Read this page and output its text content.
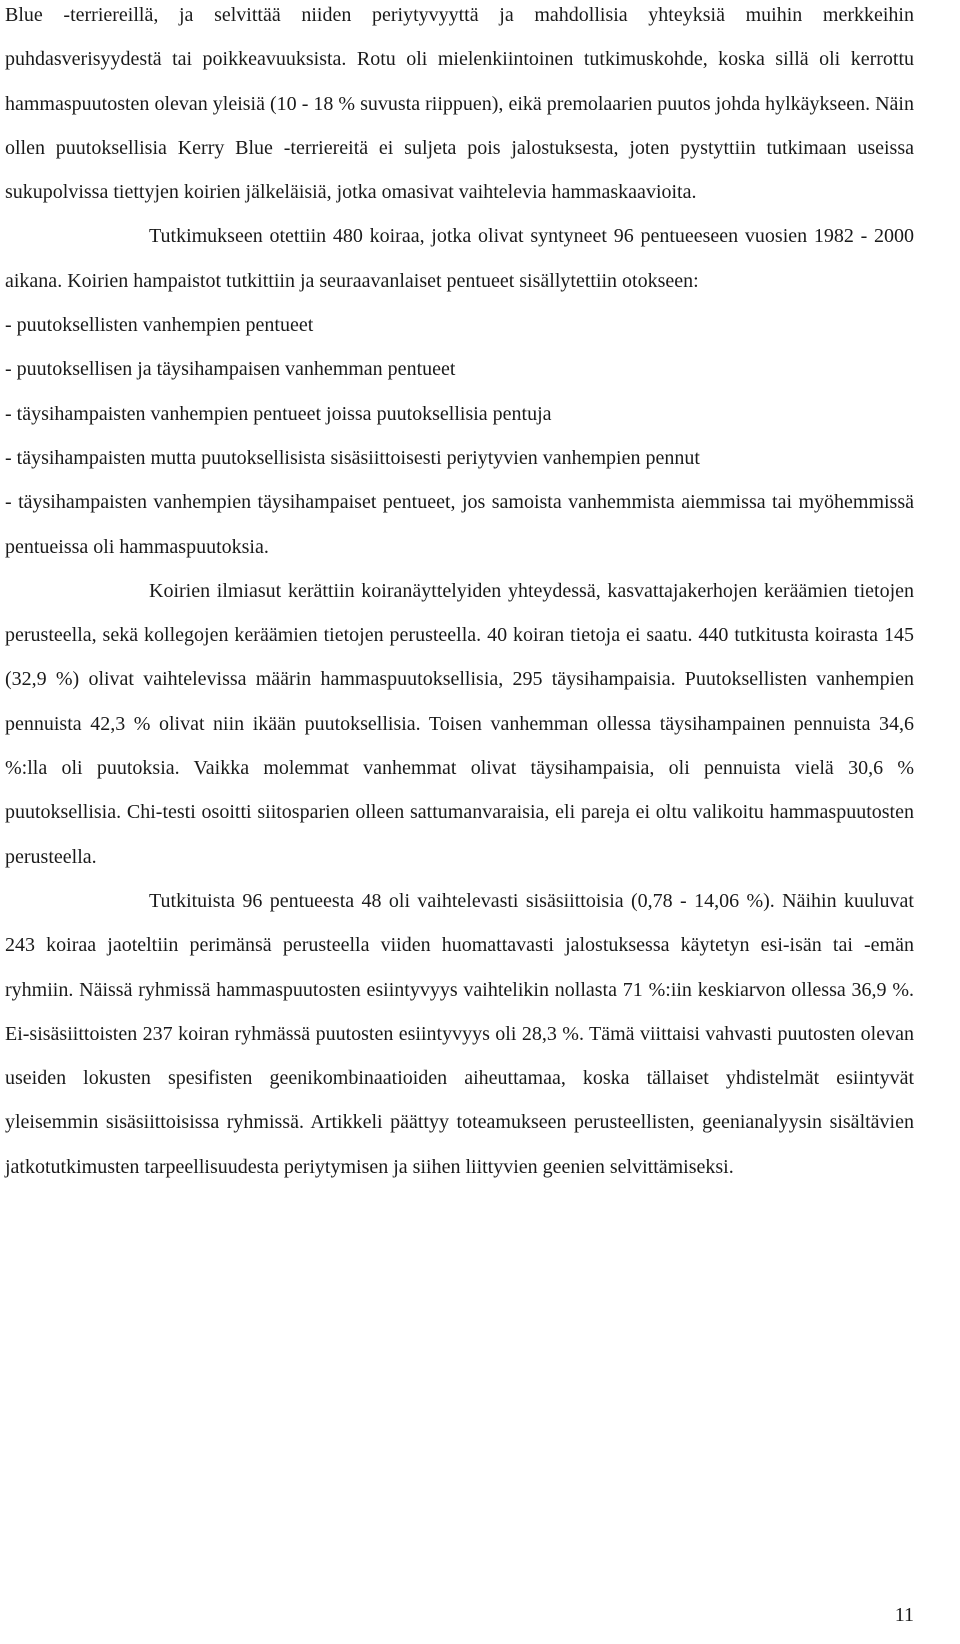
Blue -terriereillä, ja selvittää niiden periytyvyyttä ja mahdollisia yhteyksiä muihin merkkeihin puhdasverisyydestä tai poikkeavuuksista. Rotu oli mielenkiintoinen tutkimuskohde, koska sillä oli kerrottu hammaspuutosten olevan yleisiä (10 - 18 % suvusta riippuen), eikä premolaarien puutos johda hylkäykseen. Näin ollen puutoksellisia Kerry Blue -terriereitä ei suljeta pois jalostuksesta, joten pystyttiin tutkimaan useissa sukupolvissa tiettyjen koirien jälkeläisiä, jotka omasivat vaihtelevia hammaskaavioita.

Tutkimukseen otettiin 480 koiraa, jotka olivat syntyneet 96 pentueeseen vuosien 1982 - 2000 aikana. Koirien hampaistot tutkittiin ja seuraavanlaiset pentueet sisällytettiin otokseen:

- puutoksellisten vanhempien pentueet

- puutoksellisen ja täysihampaisen vanhemman pentueet

- täysihampaisten vanhempien pentueet joissa puutoksellisia pentuja

- täysihampaisten mutta puutoksellisista sisäsiittoisesti periytyvien vanhempien pennut

- täysihampaisten vanhempien täysihampaiset pentueet, jos samoista vanhemmista aiemmissa tai myöhemmissä pentueissa oli hammaspuutoksia.

Koirien ilmiasut kerättiin koiranäyttelyiden yhteydessä, kasvattajakerhojen keräämien tietojen perusteella, sekä kollegojen keräämien tietojen perusteella. 40 koiran tietoja ei saatu. 440 tutkitusta koirasta 145 (32,9 %) olivat vaihtelevissa määrin hammaspuutoksellisia, 295 täysihampaisia. Puutoksellisten vanhempien pennuista 42,3 % olivat niin ikään puutoksellisia. Toisen vanhemman ollessa täysihampainen pennuista 34,6 %:lla oli puutoksia. Vaikka molemmat vanhemmat olivat täysihampaisia, oli pennuista vielä 30,6 % puutoksellisia. Chi-testi osoitti siitosparien olleen sattumanvaraisia, eli pareja ei oltu valikoitu hammaspuutosten perusteella.

Tutkituista 96 pentueesta 48 oli vaihtelevasti sisäsiittoisia (0,78 - 14,06 %). Näihin kuuluvat 243 koiraa jaoteltiin perimänsä perusteella viiden huomattavasti jalostuksessa käytetyn esi-isän tai -emän ryhmiin. Näissä ryhmissä hammaspuutosten esiintyvyys vaihtelikin nollasta 71 %:iin keskiarvon ollessa 36,9 %. Ei-sisäsiittoisten 237 koiran ryhmässä puutosten esiintyvyys oli 28,3 %. Tämä viittaisi vahvasti puutosten olevan useiden lokusten spesifisten geenikombinaatioiden aiheuttamaa, koska tällaiset yhdistelmät esiintyvät yleisemmin sisäsiittoisissa ryhmissä. Artikkeli päättyy toteamukseen perusteellisten, geenianalyysin sisältävien jatkotutkimusten tarpeellisuudesta periytymisen ja siihen liittyvien geenien selvittämiseksi.

11
